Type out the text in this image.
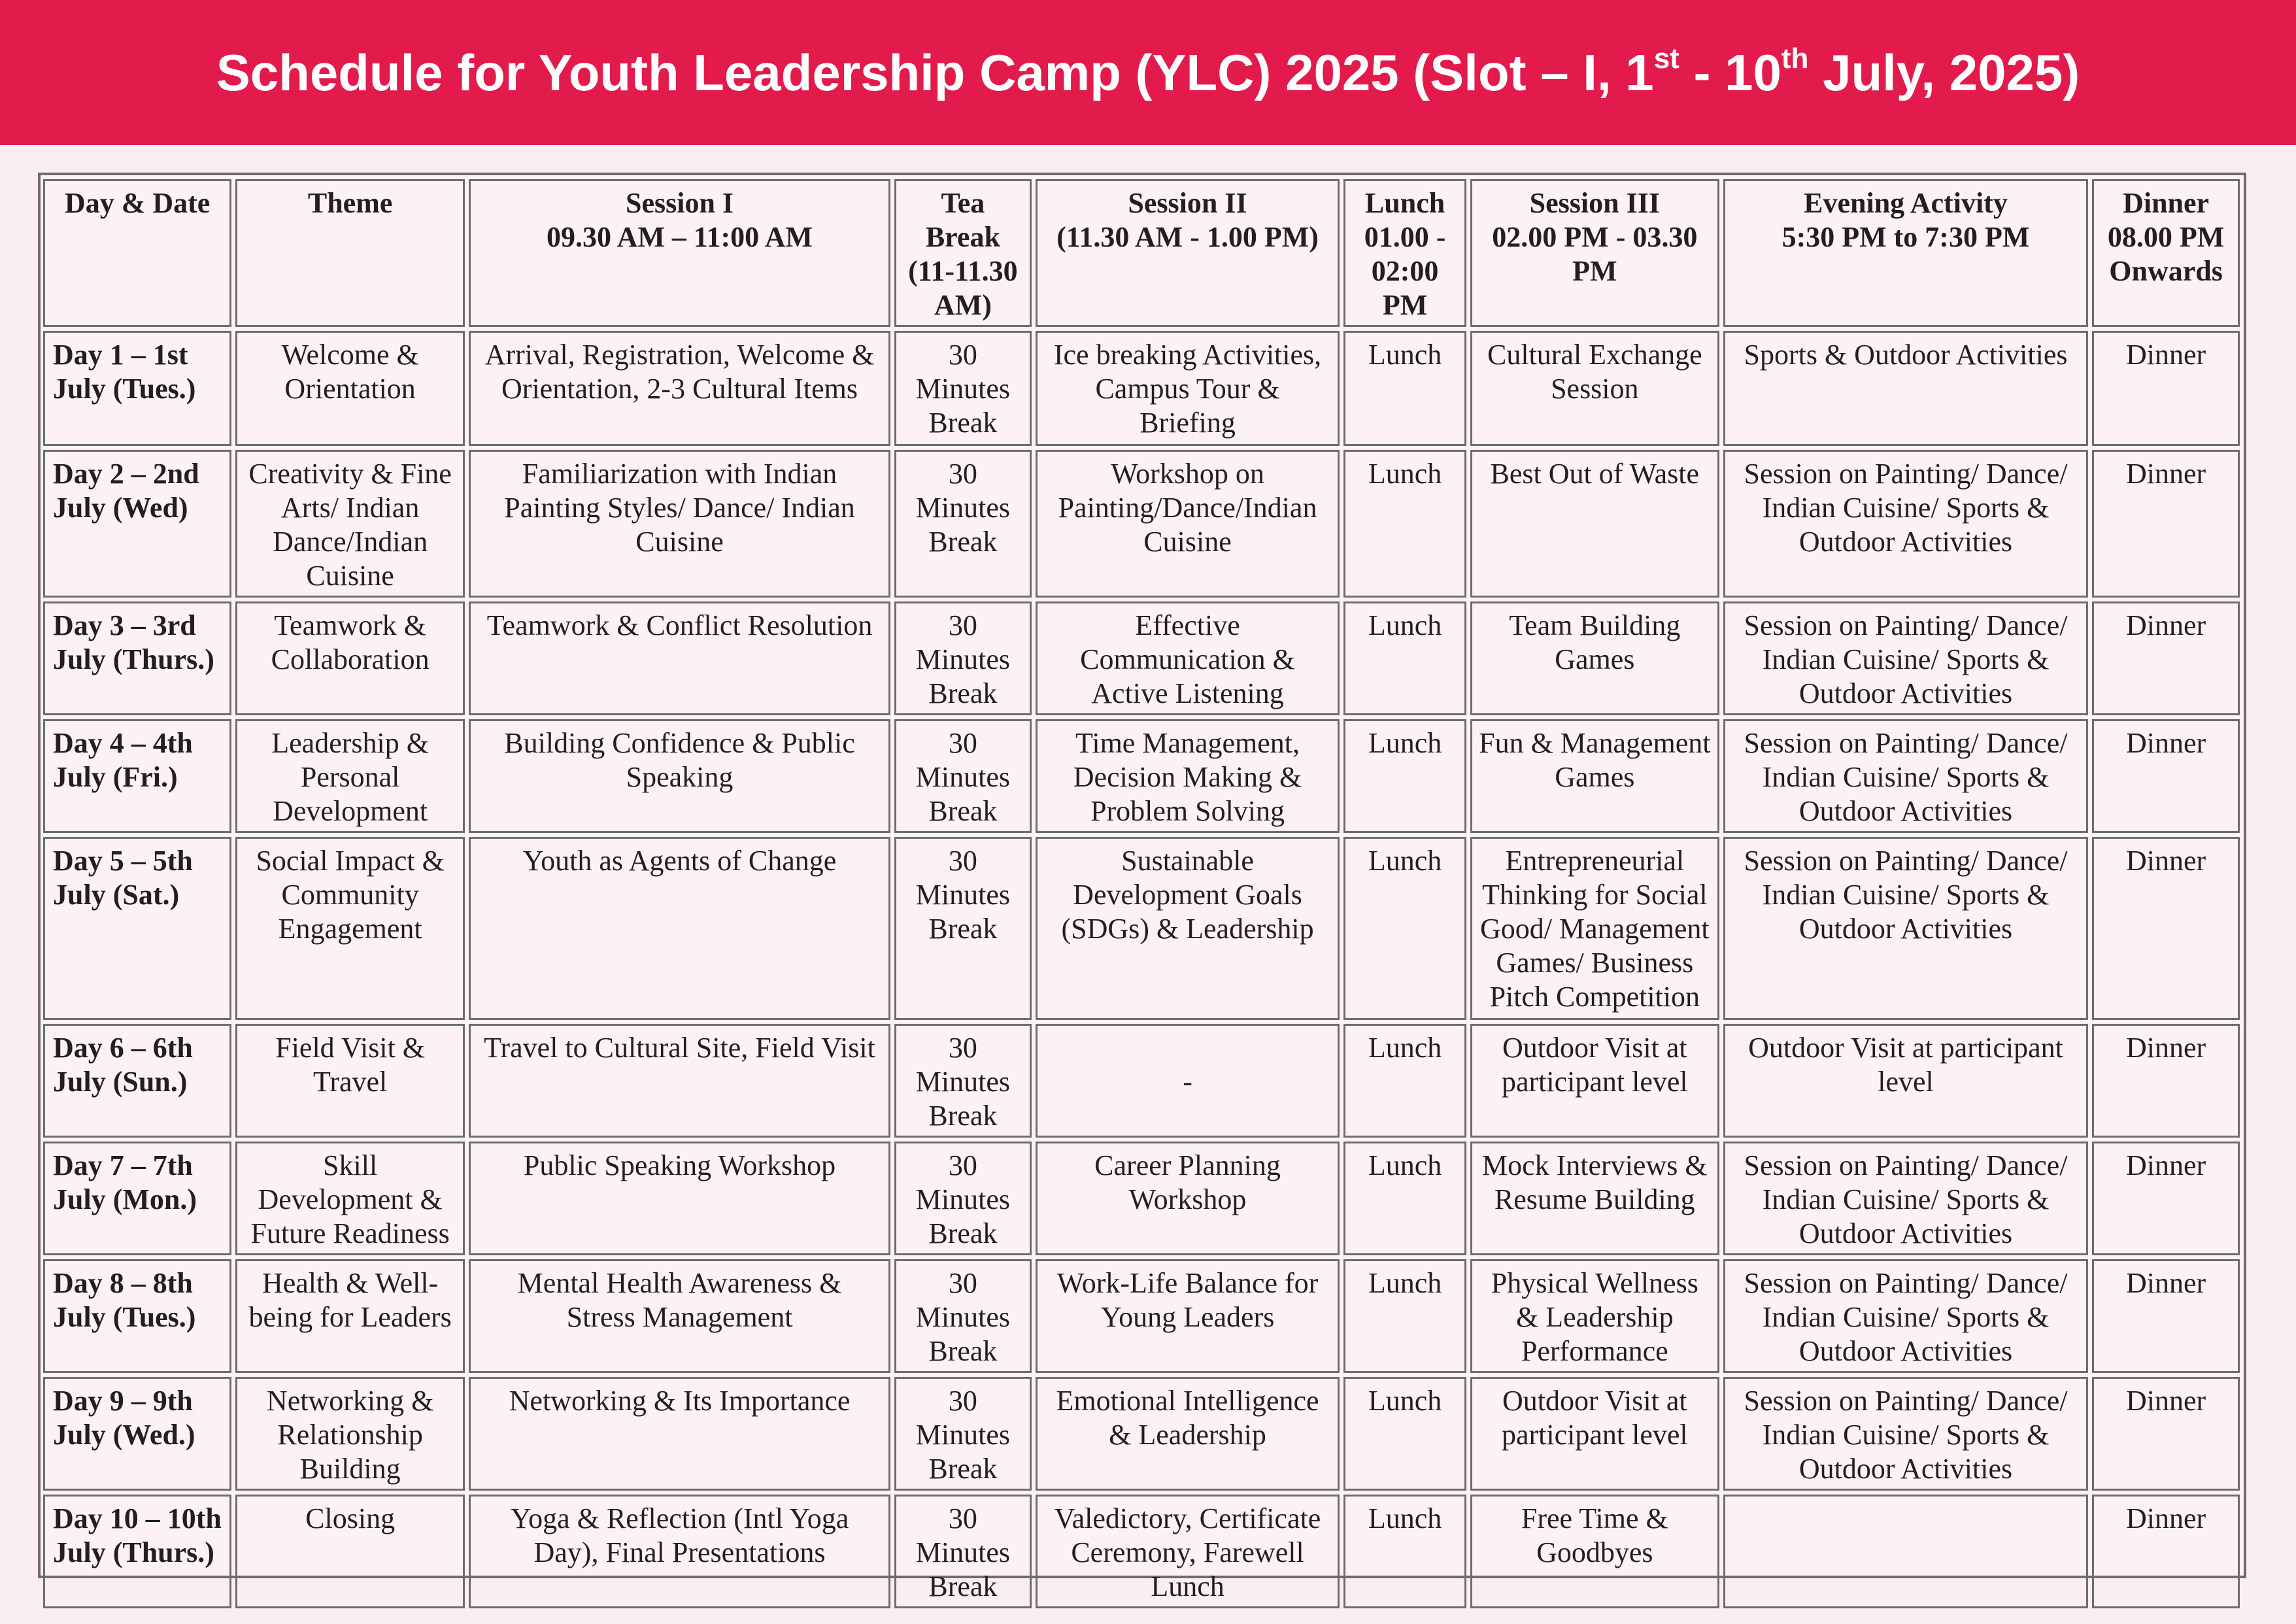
Schedule for Youth Leadership Camp (YLC) 2025 (Slot – I, 1st - 10th July, 2025)
Day & Date	Theme	Session I
09.30 AM – 11:00 AM	Tea
Break
(11-11.30
AM)	Session II
(11.30 AM - 1.00 PM)	Lunch
01.00 -
02:00
PM	Session III
02.00 PM - 03.30
PM	Evening Activity
5:30 PM to 7:30 PM	Dinner
08.00 PM
Onwards
Day 1 – 1st
July (Tues.)	Welcome &
Orientation	Arrival, Registration, Welcome &
Orientation, 2-3 Cultural Items	30
Minutes
Break	Ice breaking Activities,
Campus Tour &
Briefing	Lunch	Cultural Exchange
Session	Sports & Outdoor Activities	Dinner
Day 2 – 2nd
July (Wed)	Creativity & Fine
Arts/ Indian
Dance/Indian
Cuisine	Familiarization with Indian
Painting Styles/ Dance/ Indian
Cuisine	30
Minutes
Break	Workshop on
Painting/Dance/Indian
Cuisine	Lunch	Best Out of Waste	Session on Painting/ Dance/
Indian Cuisine/ Sports &
Outdoor Activities	Dinner
Day 3 – 3rd
July (Thurs.)	Teamwork &
Collaboration	Teamwork & Conflict Resolution	30
Minutes
Break	Effective
Communication &
Active Listening	Lunch	Team Building
Games	Session on Painting/ Dance/
Indian Cuisine/ Sports &
Outdoor Activities	Dinner
Day 4 – 4th
July (Fri.)	Leadership &
Personal
Development	Building Confidence & Public
Speaking	30
Minutes
Break	Time Management,
Decision Making &
Problem Solving	Lunch	Fun & Management
Games	Session on Painting/ Dance/
Indian Cuisine/ Sports &
Outdoor Activities	Dinner
Day 5 – 5th
July (Sat.)	Social Impact &
Community
Engagement	Youth as Agents of Change	30
Minutes
Break	Sustainable
Development Goals
(SDGs) & Leadership	Lunch	Entrepreneurial
Thinking for Social
Good/ Management
Games/ Business
Pitch Competition	Session on Painting/ Dance/
Indian Cuisine/ Sports &
Outdoor Activities	Dinner
Day 6 – 6th
July (Sun.)	Field Visit &
Travel	Travel to Cultural Site, Field Visit	30
Minutes
Break	-	Lunch	Outdoor Visit at
participant level	Outdoor Visit at participant
level	Dinner
Day 7 – 7th
July (Mon.)	Skill
Development &
Future Readiness	Public Speaking Workshop	30
Minutes
Break	Career Planning
Workshop	Lunch	Mock Interviews &
Resume Building	Session on Painting/ Dance/
Indian Cuisine/ Sports &
Outdoor Activities	Dinner
Day 8 – 8th
July (Tues.)	Health & Well-
being for Leaders	Mental Health Awareness &
Stress Management	30
Minutes
Break	Work-Life Balance for
Young Leaders	Lunch	Physical Wellness
& Leadership
Performance	Session on Painting/ Dance/
Indian Cuisine/ Sports &
Outdoor Activities	Dinner
Day 9 – 9th
July (Wed.)	Networking &
Relationship
Building	Networking & Its Importance	30
Minutes
Break	Emotional Intelligence
& Leadership	Lunch	Outdoor Visit at
participant level	Session on Painting/ Dance/
Indian Cuisine/ Sports &
Outdoor Activities	Dinner
Day 10 – 10th
July (Thurs.)	Closing	Yoga & Reflection (Intl Yoga
Day), Final Presentations	30
Minutes
Break	Valedictory, Certificate
Ceremony, Farewell
Lunch	Lunch	Free Time &
Goodbyes		Dinner
